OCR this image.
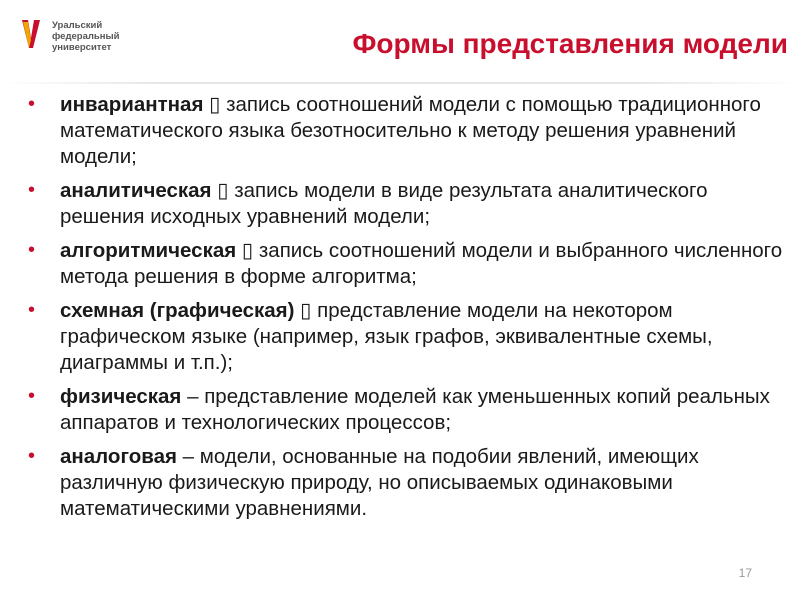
Уральский
федеральный
университет	Формы представления модели
• инвариантная ▯ запись соотношений модели с помощью традиционного математического языка безотносительно к методу решения уравнений модели;
• аналитическая ▯ запись модели в виде результата аналитического решения исходных уравнений модели;
• алгоритмическая ▯ запись соотношений модели и выбранного численного метода решения в форме алгоритма;
• схемная (графическая) ▯ представление модели на некотором графическом языке (например, язык графов, эквивалентные схемы, диаграммы и т.п.);
• физическая – представление моделей как уменьшенных копий реальных аппаратов и технологических процессов;
• аналоговая – модели, основанные на подобии явлений, имеющих различную физическую природу, но описываемых одинаковыми математическими уравнениями.
17
